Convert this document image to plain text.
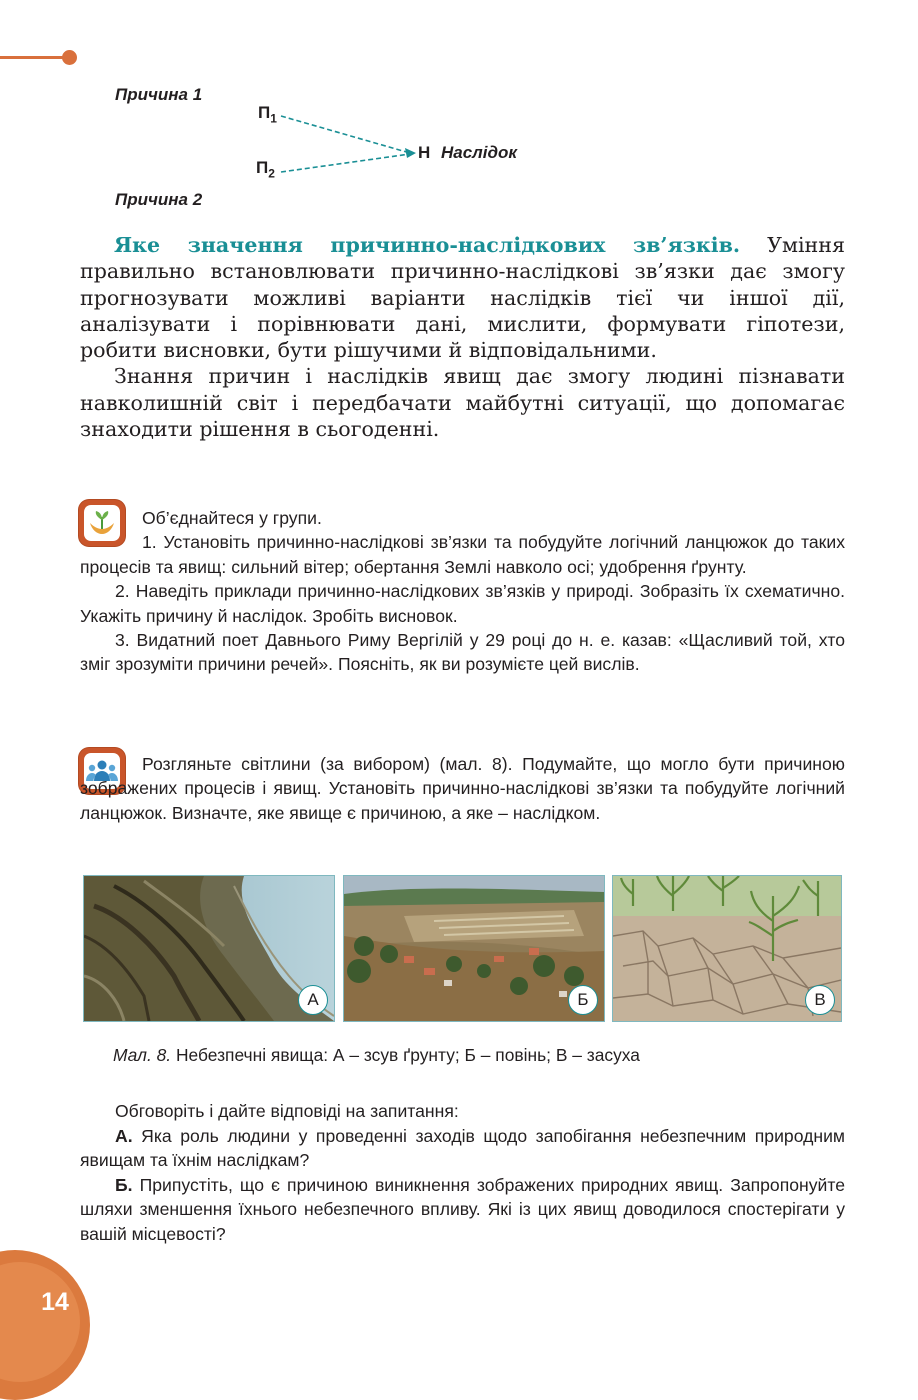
Причина 1
$П_1$
$П_2$
Н Наслідок
Причина 2

Яке значення причинно-наслідкових зв’язків. Уміння правильно встановлювати причинно-наслідкові зв’язки дає змогу прогнозувати можливі варіанти наслідків тієї чи іншої дії, аналізувати і порівнювати дані, мислити, формувати гіпотези, робити висновки, бути рішучими й відповідальними.

Знання причин і наслідків явищ дає змогу людині пізнавати навколишній світ і передбачати майбутні ситуації, що допомагає знаходити рішення в сьогоденні.

Об’єднайтеся у групи.

1. Установіть причинно-наслідкові зв’язки та побудуйте логічний ланцюжок до таких процесів та явищ: сильний вітер; обертання Землі навколо осі; удобрення ґрунту.

2. Наведіть приклади причинно-наслідкових зв’язків у природі. Зобразіть їх схематично. Укажіть причину й наслідок. Зробіть висновок.

3. Видатний поет Давнього Риму Вергілій у 29 році до н. е. казав: «Щасливий той, хто зміг зрозуміти причини речей». Поясніть, як ви розумієте цей вислів.

Розгляньте світлини (за вибором) (мал. 8). Подумайте, що могло бути причиною зображених процесів і явищ. Установіть причинно-наслідкові зв’язки та побудуйте логічний ланцюжок. Визначте, яке явище є причиною, а яке – наслідком.

А	Б	В
Мал. 8. Небезпечні явища: А – зсув ґрунту; Б – повінь; В – засуха

Обговоріть і дайте відповіді на запитання:

А. Яка роль людини у проведенні заходів щодо запобігання небезпечним природним явищам та їхнім наслідкам?

Б. Припустіть, що є причиною виникнення зображених природних явищ. Запропонуйте шляхи зменшення їхнього небезпечного впливу. Які із цих явищ доводилося спостерігати у вашій місцевості?

14
